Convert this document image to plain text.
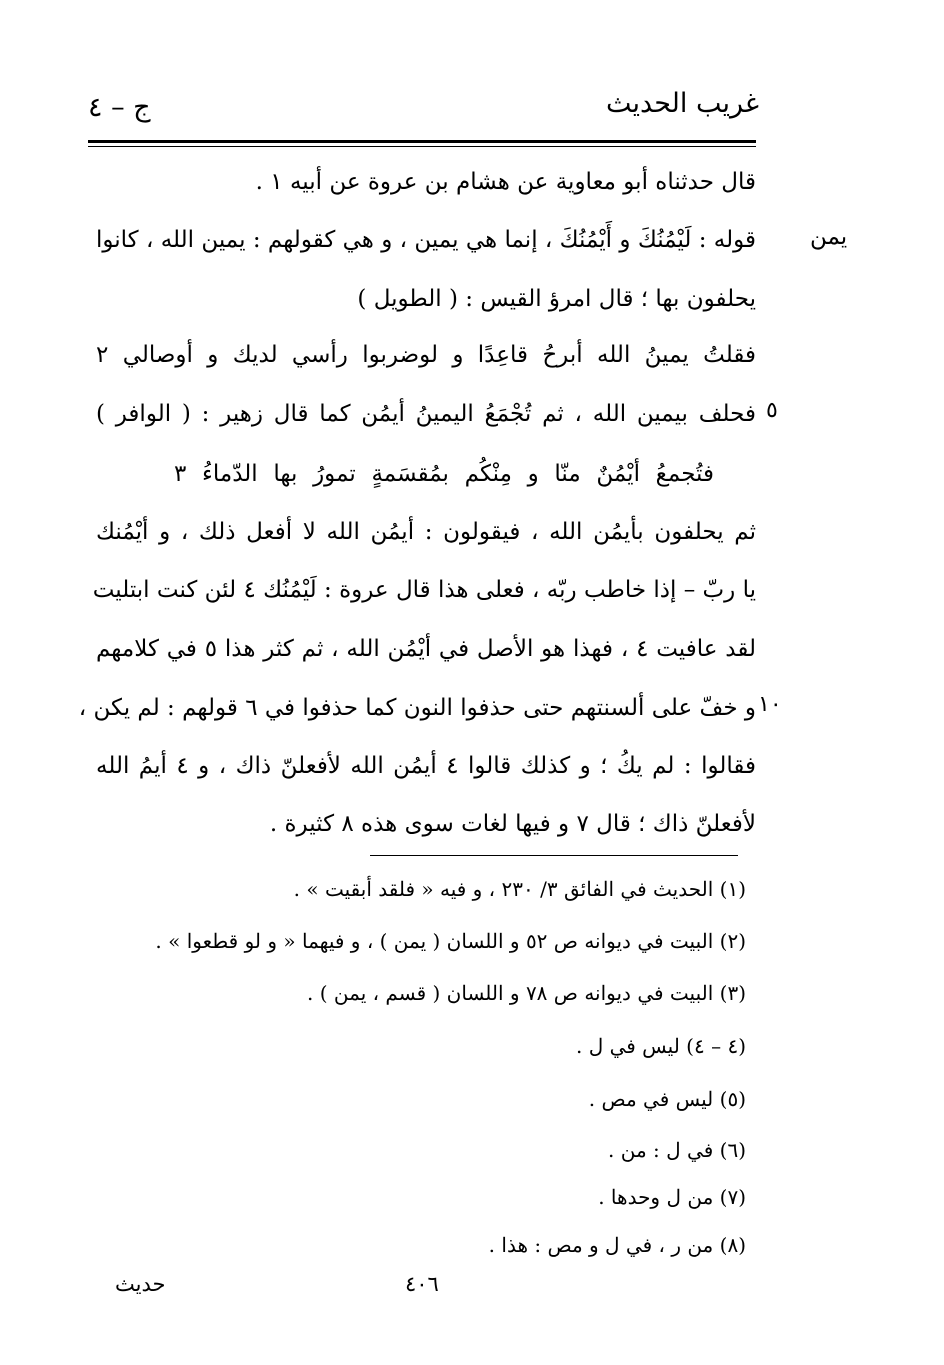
غريب الحديث
ج – ٤
يمن
٥
١٠
قال حدثناه أبو معاوية عن هشام بن عروة عن أبيه ١ .
قوله : لَيْمُنُكَ و أَيْمُنُكَ ، إنما هي يمين ، و هي كقولهم : يمين الله ، كانوا
يحلفون بها ؛ قال امرؤ القيس : ( الطويل )
فقلتُ يمينُ الله أبرحُ قاعِدًا و لوضربوا رأسي لديك و أوصالي ٢
فحلف بيمين الله ، ثم تُجْمَعُ اليمينُ أيمُن كما قال زهير : ( الوافر )
فتُجمعُ أيْمُنٌ منّا و مِنْكُم بمُقسَمةٍ تمورُ بها الدّماءُ ٣
ثم يحلفون بأيمُن الله ، فيقولون : أيمُن الله لا أفعل ذلك ، و أيْمُنك
يا ربّ – إذا خاطب ربّه ، فعلى هذا قال عروة : لَيْمُنُك ٤ لئن كنت ابتليت
لقد عافيت ٤ ، فهذا هو الأصل في أيْمُن الله ، ثم كثر هذا ٥ في كلامهم
و خفّ على ألسنتهم حتى حذفوا النون كما حذفوا في ٦ قولهم : لم يكن ،
فقالوا : لم يكُ ؛ و كذلك قالوا ٤ أيمُن الله لأفعلنّ ذاك ، و ٤ أيمُ الله
لأفعلنّ ذاك ؛ قال ٧ و فيها لغات سوى هذه ٨ كثيرة .
(١) الحديث في الفائق ٣/ ٢٣٠ ، و فيه « فلقد أبقيت » .
(٢) البيت في ديوانه ص ٥٢ و اللسان ( يمن ) ، و فيهما « و لو قطعوا » .
(٣) البيت في ديوانه ص ٧٨ و اللسان ( قسم ، يمن ) .
(٤ – ٤) ليس في ل .
(٥) ليس في مص .
(٦) في ل : من .
(٧) من ل وحدها .
(٨) من ر ، في ل و مص : هذا .
حديث	٤٠٦
